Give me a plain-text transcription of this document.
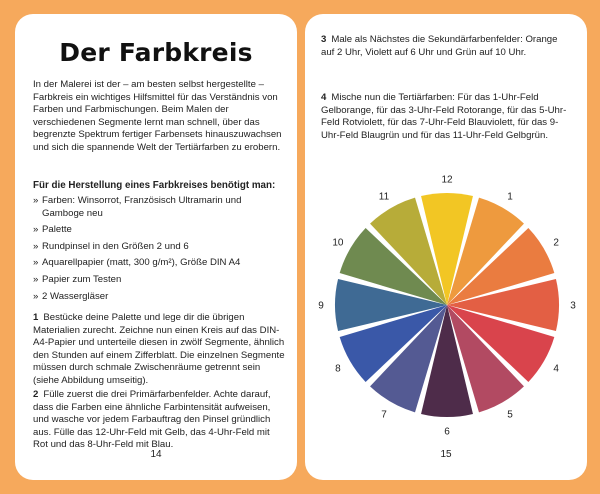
Der Farbkreis

In der Malerei ist der – am besten selbst hergestellte – Farbkreis ein wichtiges Hilfsmittel für das Verständnis von Farben und Farbmischungen. Beim Malen der verschiedenen Segmente lernt man schnell, über das begrenzte Spektrum fertiger Farbensets hinauszuwachsen und sich die spannende Welt der Tertiärfarben zu erobern.

Für die Herstellung eines Farbkreises benötigt man:

» Farben: Winsorrot, Französisch Ultramarin und Gamboge neu
» Palette
» Rundpinsel in den Größen 2 und 6
» Aquarellpapier (matt, 300 g/m²), Größe DIN A4
» Papier zum Testen
» 2 Wassergläser

1 Bestücke deine Palette und lege dir die übrigen Materialien zurecht. Zeichne nun einen Kreis auf das DIN-A4-Papier und unterteile diesen in zwölf Segmente, ähnlich den Stunden auf einem Zifferblatt. Die einzelnen Segmente müssen durch schmale Zwischenräume getrennt sein (siehe Abbildung umseitig).

2 Fülle zuerst die drei Primärfarbenfelder. Achte darauf, dass die Farben eine ähnliche Farbintensität aufweisen, und wasche vor jedem Farbauftrag den Pinsel gründlich aus. Fülle das 12-Uhr-Feld mit Gelb, das 4-Uhr-Feld mit Rot und das 8-Uhr-Feld mit Blau.

14

3 Male als Nächstes die Sekundärfarbenfelder: Orange auf 2 Uhr, Violett auf 6 Uhr und Grün auf 10 Uhr.

4 Mische nun die Tertiärfarben: Für das 1-Uhr-Feld Gelborange, für das 3-Uhr-Feld Rotorange, für das 5-Uhr-Feld Rotviolett, für das 7-Uhr-Feld Blauviolett, für das 9-Uhr-Feld Blaugrün und für das 11-Uhr-Feld Gelbgrün.

12
1
2
3
4
5
6
7
8
9
10
11
15
